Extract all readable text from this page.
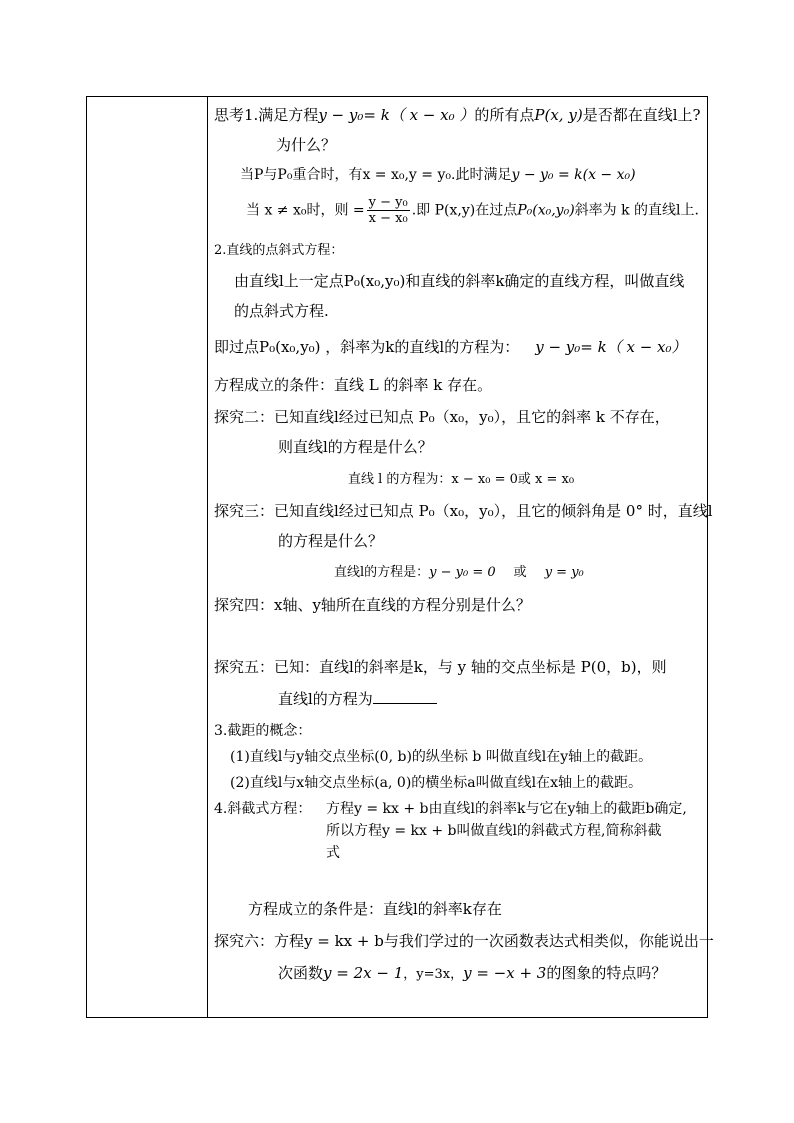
思考1.满足方程y − y₀= k（ x − x₀ ）的所有点P(x, y)是否都在直线l上?
为什么？
当P与P₀重合时，有x = x₀,y = y₀.此时满足y − y₀ = k(x − x₀)
当 x ≠ x₀时，则 = $\frac{\text{y − y₀}}{\text{x − x₀}}$ .即 P(x,y)在过点P₀(x₀,y₀)斜率为 k 的直线l上.
2.直线的点斜式方程：
由直线l上一定点P₀(x₀,y₀)和直线的斜率k确定的直线方程，叫做直线
的点斜式方程.
即过点P₀(x₀,y₀) ，斜率为k的直线l的方程为： y − y₀= k（ x − x₀）
方程成立的条件：直线 L 的斜率 k 存在。
探究二：已知直线l经过已知点 P₀（x₀，y₀），且它的斜率 k 不存在，
则直线l的方程是什么？
直线 l 的方程为：x − x₀ = 0或 x = x₀
探究三：已知直线l经过已知点 P₀（x₀，y₀），且它的倾斜角是 0° 时，直线l
的方程是什么？
直线l的方程是：y − y₀ = 0 或 y = y₀
探究四：x轴、y轴所在直线的方程分别是什么？
探究五：已知：直线l的斜率是k，与 y 轴的交点坐标是 P(0，b)，则
直线l的方程为
3.截距的概念：
(1)直线l与y轴交点坐标(0, b)的纵坐标 b 叫做直线l在y轴上的截距。
(2)直线l与x轴交点坐标(a, 0)的横坐标a叫做直线l在x轴上的截距。
4.斜截式方程： 方程y = kx + b由直线l的斜率k与它在y轴上的截距b确定,
所以方程y = kx + b叫做直线l的斜截式方程,简称斜截
式
方程成立的条件是：直线l的斜率k存在
探究六：方程y = kx + b与我们学过的一次函数表达式相类似，你能说出一
次函数y = 2x − 1，y=3x，y = −x + 3的图象的特点吗？
